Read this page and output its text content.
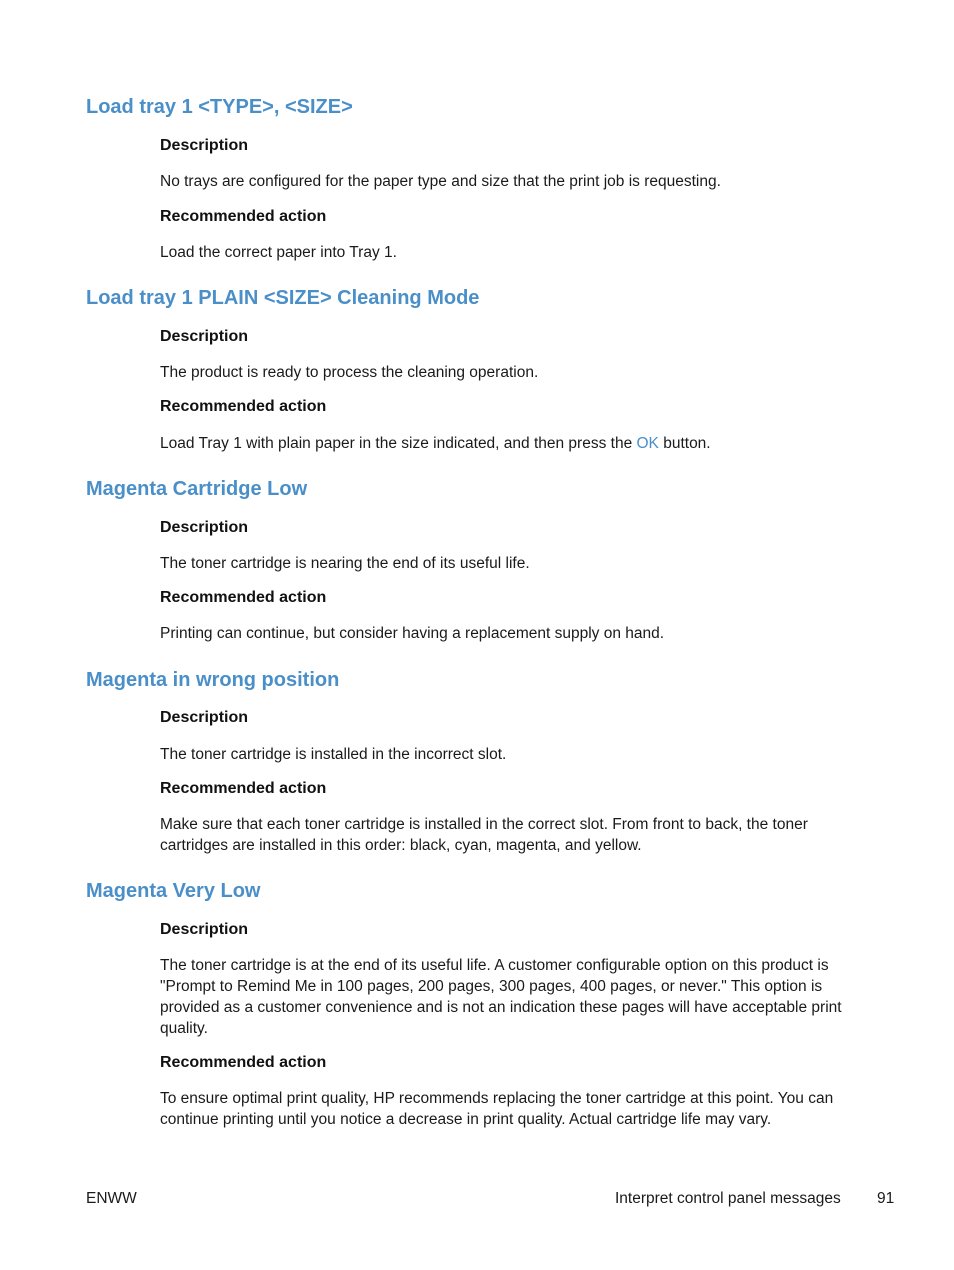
Load tray 1 <TYPE>, <SIZE>
Description

No trays are configured for the paper type and size that the print job is requesting.

Recommended action

Load the correct paper into Tray 1.

Load tray 1 PLAIN <SIZE> Cleaning Mode
Description

The product is ready to process the cleaning operation.

Recommended action

Load Tray 1 with plain paper in the size indicated, and then press the OK button.

Magenta Cartridge Low
Description

The toner cartridge is nearing the end of its useful life.

Recommended action

Printing can continue, but consider having a replacement supply on hand.

Magenta in wrong position
Description

The toner cartridge is installed in the incorrect slot.

Recommended action

Make sure that each toner cartridge is installed in the correct slot. From front to back, the toner cartridges are installed in this order: black, cyan, magenta, and yellow.

Magenta Very Low
Description

The toner cartridge is at the end of its useful life. A customer configurable option on this product is "Prompt to Remind Me in 100 pages, 200 pages, 300 pages, 400 pages, or never." This option is provided as a customer convenience and is not an indication these pages will have acceptable print quality.

Recommended action

To ensure optimal print quality, HP recommends replacing the toner cartridge at this point. You can continue printing until you notice a decrease in print quality. Actual cartridge life may vary.

ENWW	Interpret control panel messages 91
